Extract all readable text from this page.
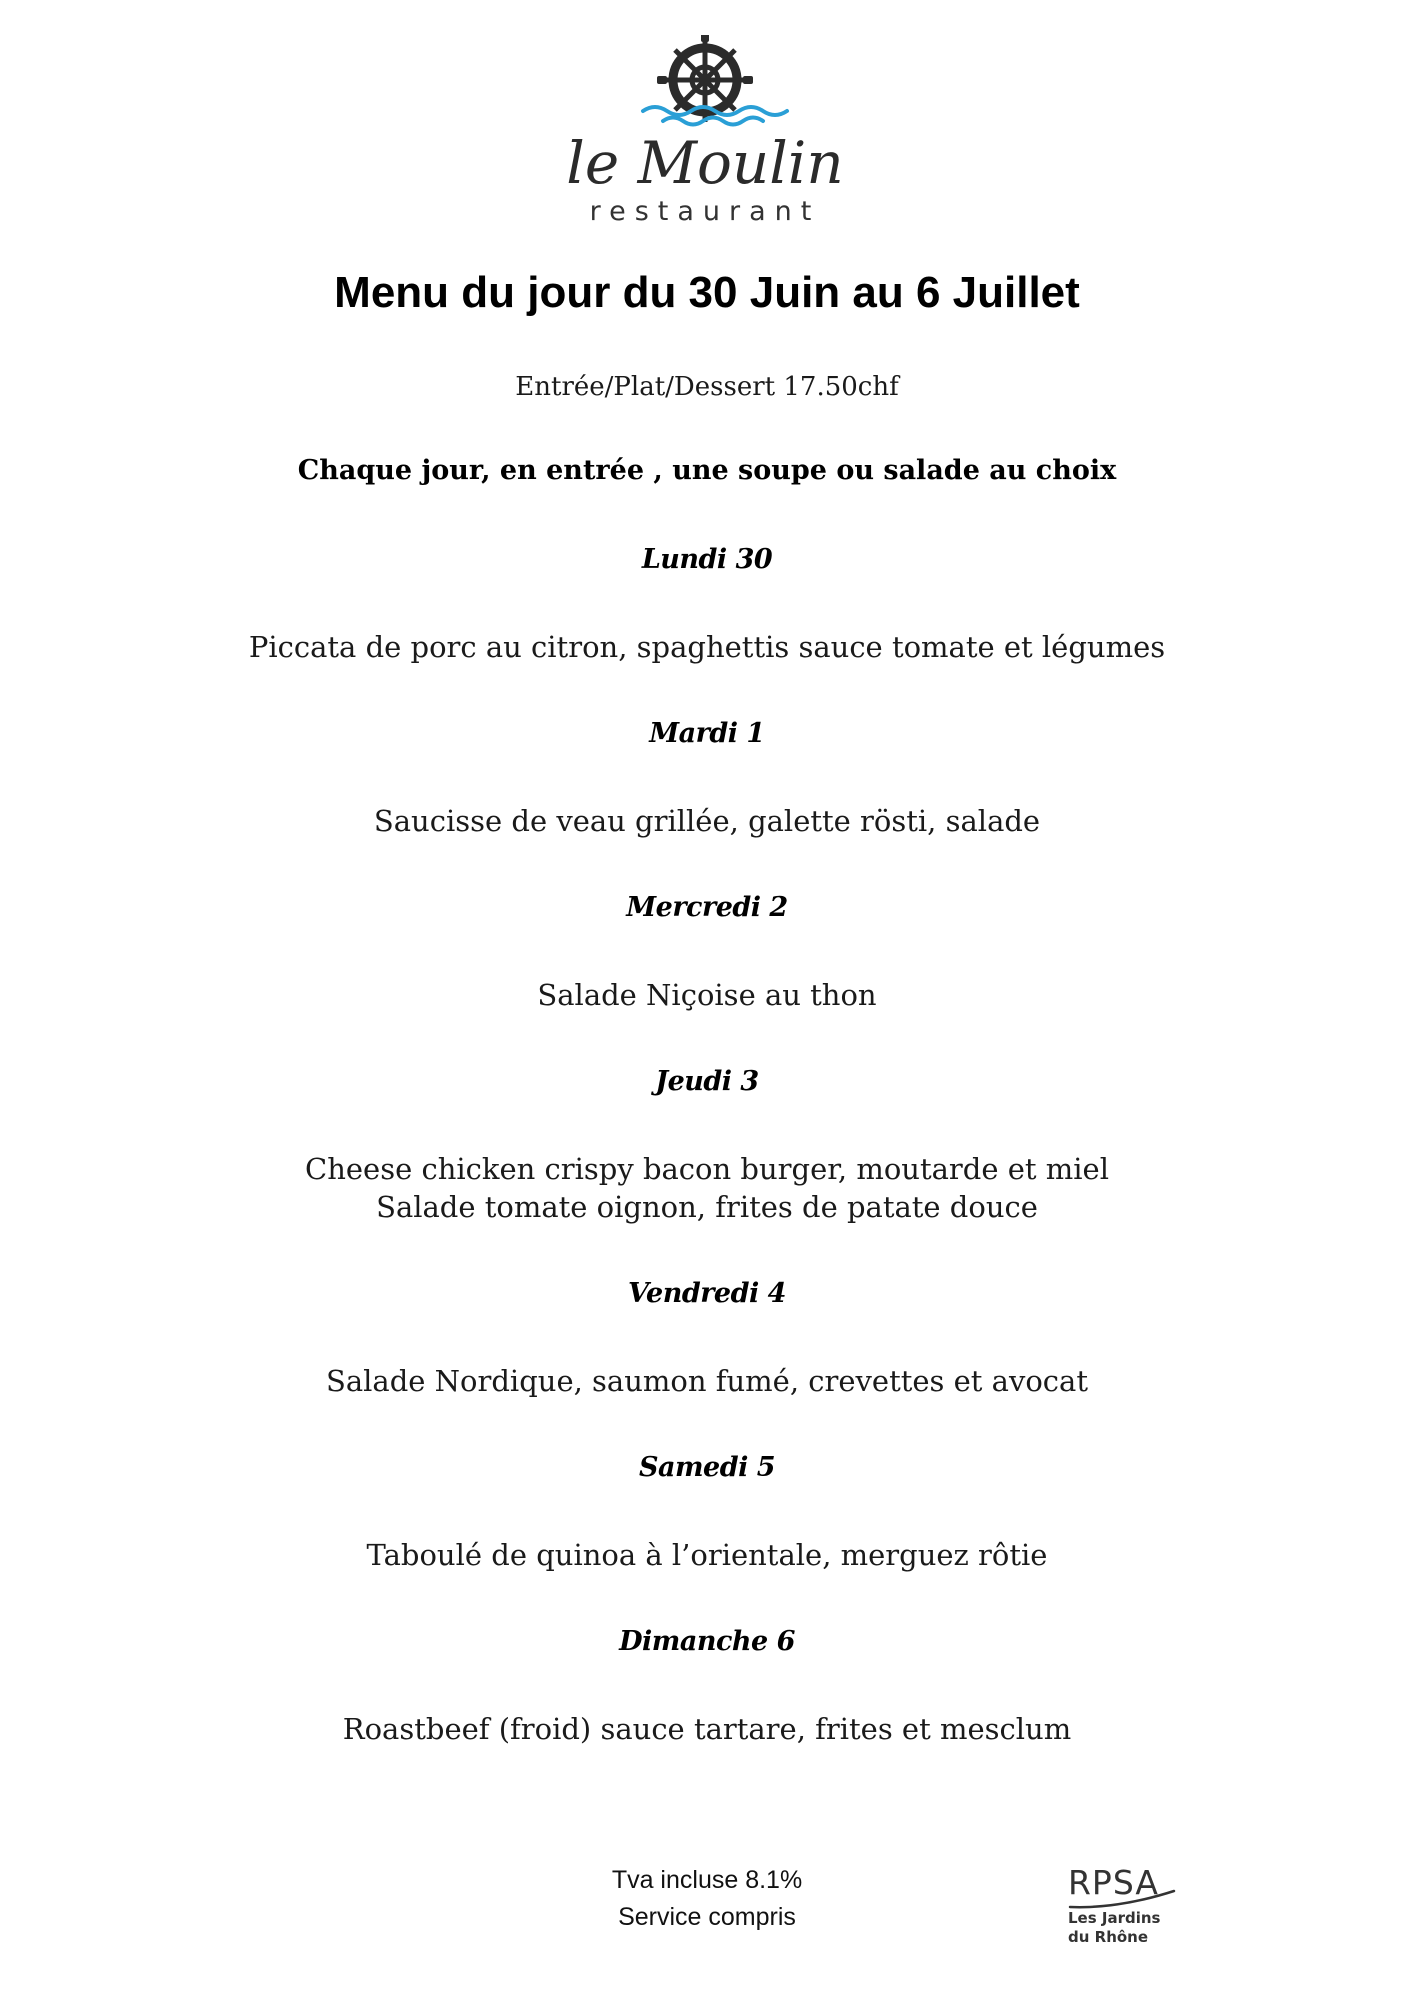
le Moulin
restaurant
Menu du jour du 30 Juin au 6 Juillet
Entrée/Plat/Dessert 17.50chf
Chaque jour, en entrée , une soupe ou salade au choix
Lundi 30
Piccata de porc au citron, spaghettis sauce tomate et légumes
Mardi 1
Saucisse de veau grillée, galette rösti, salade
Mercredi 2
Salade Niçoise au thon
Jeudi 3
Cheese chicken crispy bacon burger, moutarde et miel
Salade tomate oignon, frites de patate douce
Vendredi 4
Salade Nordique, saumon fumé, crevettes et avocat
Samedi 5
Taboulé de quinoa à l’orientale, merguez rôtie
Dimanche 6
Roastbeef (froid) sauce tartare, frites et mesclum
Tva incluse 8.1%
Service compris
RPSA
Les Jardins
du Rhône
